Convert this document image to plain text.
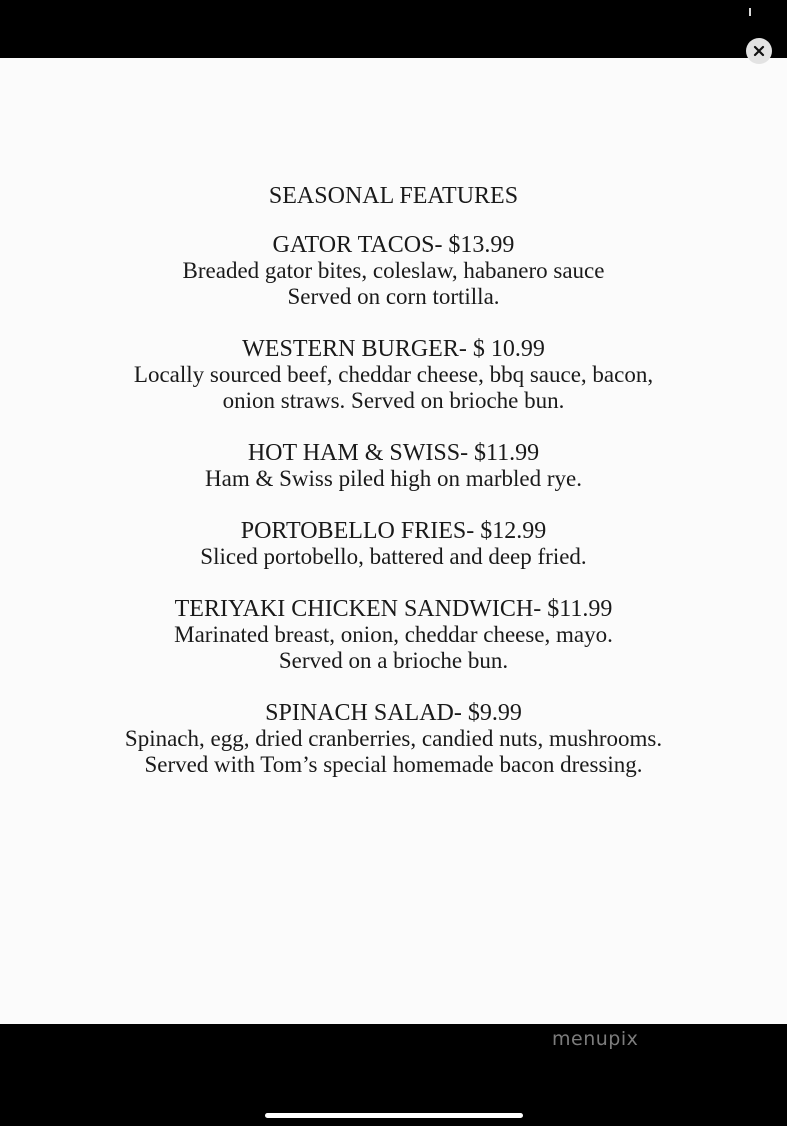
SEASONAL FEATURES

GATOR TACOS- $13.99

Breaded gator bites, coleslaw, habanero sauce

Served on corn tortilla.

WESTERN BURGER- $ 10.99

Locally sourced beef, cheddar cheese, bbq sauce, bacon,

onion straws. Served on brioche bun.

HOT HAM & SWISS- $11.99

Ham & Swiss piled high on marbled rye.

PORTOBELLO FRIES- $12.99

Sliced portobello, battered and deep fried.

TERIYAKI CHICKEN SANDWICH- $11.99

Marinated breast, onion, cheddar cheese, mayo.

Served on a brioche bun.

SPINACH SALAD- $9.99

Spinach, egg, dried cranberries, candied nuts, mushrooms.

Served with Tom’s special homemade bacon dressing.

menupix
